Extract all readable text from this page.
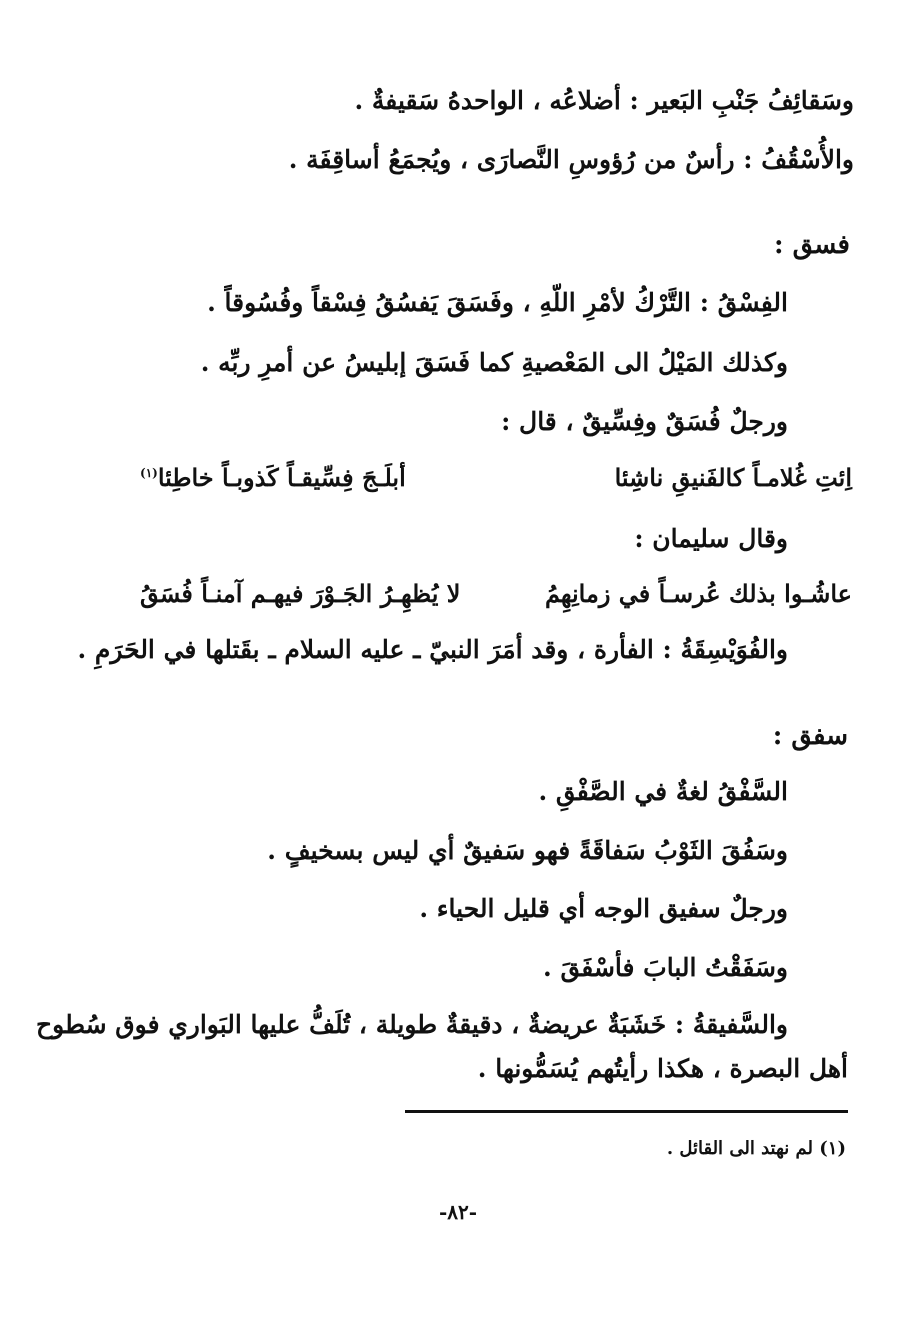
وسَقائِفُ جَنْبِ البَعير : أضلاعُه ، الواحدهُ سَقيفةٌ .
والأُسْقُفُ : رأسٌ من رُؤوسِ النَّصارَى ، ويُجمَعُ أساقِفَة .
فسق :
الفِسْقُ : التَّرْكُ لأمْرِ اللّهِ ، وفَسَقَ يَفسُقُ فِسْقاً وفُسُوقاً .
وكذلك المَيْلُ الى المَعْصيةِ كما فَسَقَ إبليسُ عن أمرِ ربِّه .
ورجلٌ فُسَقٌ وفِسِّيقٌ ، قال :
اِئتِ غُلامـاً كالفَنيقِ ناشِئا
أبلَـجَ فِسِّيقـاً كَذوبـاً خاطِئا$^{(١)}$
وقال سليمان :
عاشُـوا بذلك عُرسـاً في زمانِهِمُ
لا يُظهِـرُ الجَـوْرَ فيهـم آمنـاً فُسَقُ
والفُوَيْسِقَةُ : الفأرة ، وقد أمَرَ النبيّ ـ عليه السلام ـ بقَتلها في الحَرَمِ .
سفق :
السَّفْقُ لغةٌ في الصَّفْقِ .
وسَفُقَ الثَوْبُ سَفاقَةً فهو سَفيقٌ أي ليس بسخيفٍ .
ورجلٌ سفيق الوجه أي قليل الحياء .
وسَفَقْتُ البابَ فأسْفَقَ .
والسَّفيقةُ : خَشَبَةٌ عريضةٌ ، دقيقةٌ طويلة ، تُلَفُّ عليها البَواري فوق سُطوح
أهل البصرة ، هكذا رأيتُهم يُسَمُّونها .
(١) لم نهتد الى القائل .
-٨٢-
